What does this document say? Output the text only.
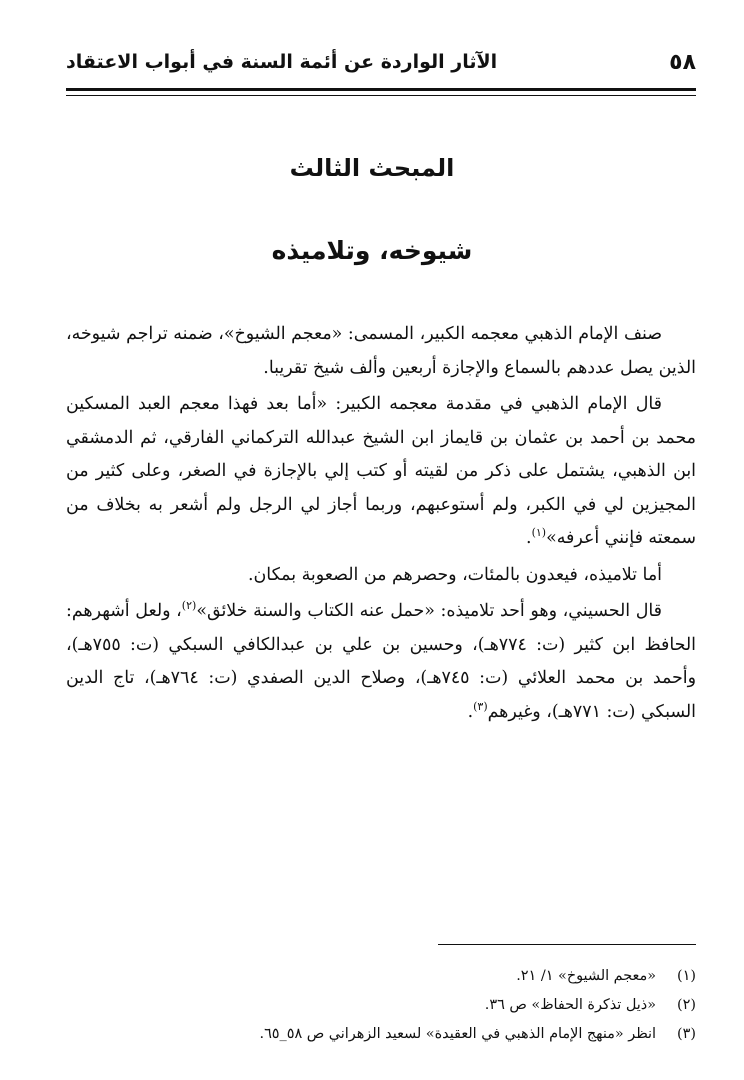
٥٨
الآثار الواردة عن أئمة السنة في أبواب الاعتقاد
المبحث الثالث
شيوخه، وتلاميذه

صنف الإمام الذهبي معجمه الكبير، المسمى: «معجم الشيوخ»، ضمنه تراجم شيوخه، الذين يصل عددهم بالسماع والإجازة أربعين وألف شيخ تقريبا.

قال الإمام الذهبي في مقدمة معجمه الكبير: «أما بعد فهذا معجم العبد المسكين محمد بن أحمد بن عثمان بن قايماز ابن الشيخ عبدالله التركماني الفارقي، ثم الدمشقي ابن الذهبي، يشتمل على ذكر من لقيته أو كتب إلي بالإجازة في الصغر، وعلى كثير من المجيزين لي في الكبر، ولم أستوعبهم، وربما أجاز لي الرجل ولم أشعر به بخلاف من سمعته فإنني أعرفه»$^{(١)}$.

أما تلاميذه، فيعدون بالمئات، وحصرهم من الصعوبة بمكان.

قال الحسيني، وهو أحد تلاميذه: «حمل عنه الكتاب والسنة خلائق»$^{(٢)}$، ولعل أشهرهم: الحافظ ابن كثير (ت: ٧٧٤هـ)، وحسين بن علي بن عبدالكافي السبكي (ت: ٧٥٥هـ)، وأحمد بن محمد العلائي (ت: ٧٤٥هـ)، وصلاح الدين الصفدي (ت: ٧٦٤هـ)، تاج الدين السبكي (ت: ٧٧١هـ)، وغيرهم$^{(٣)}$.

(١)
«معجم الشيوخ» ١/ ٢١.
(٢)
«ذيل تذكرة الحفاظ» ص ٣٦.
(٣)
انظر «منهج الإمام الذهبي في العقيدة» لسعيد الزهراني ص ٥٨_٦٥.
